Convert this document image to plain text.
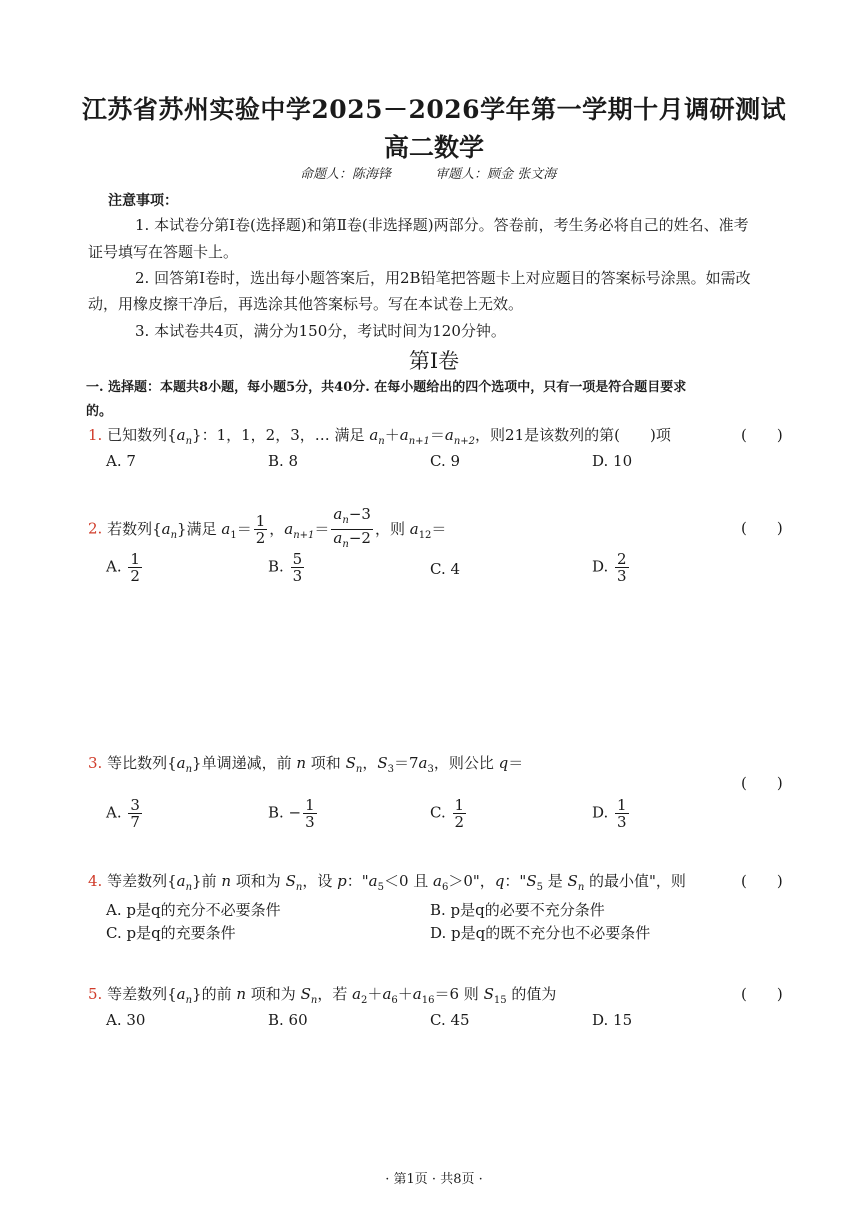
江苏省苏州实验中学2025－2026学年第一学期十月调研测试
高二数学
命题人：陈海锋	审题人：顾金 张文海
注意事项：
1. 本试卷分第Ⅰ卷(选择题)和第Ⅱ卷(非选择题)两部分。答卷前，考生务必将自己的姓名、准考
证号填写在答题卡上。
2. 回答第Ⅰ卷时，选出每小题答案后，用2B铅笔把答题卡上对应题目的答案标号涂黑。如需改
动，用橡皮擦干净后，再选涂其他答案标号。写在本试卷上无效。
3. 本试卷共4页，满分为150分，考试时间为120分钟。
第Ⅰ卷
一. 选择题：本题共8小题，每小题5分，共40分. 在每小题给出的四个选项中，只有一项是符合题目要求
的。
1. 已知数列$\{a_n\}$：1，1，2，3，… 满足 $a_n+a_{n+1}=a_{n+2}$，则21是该数列的第(　　)项	(　　)
A. 7	B. 8	C. 9	D. 10
2. 若数列$\{a_n\}$满足 $a_1= \frac{1}{2}$ ，$a_{n+1}= \frac{a_n-3}{a_n-2}$ ，则 $a_{12}=$	(　　)
A. $\frac{1}{2}$	B. $\frac{5}{3}$	C. 4	D. $\frac{2}{3}$
3. 等比数列$\{a_n\}$单调递减，前 n 项和 $S_n$，$S_3=7a_3$，则公比 q＝
(　　)
A. $\frac{3}{7}$	B. − $\frac{1}{3}$	C. $\frac{1}{2}$	D. $\frac{1}{3}$
4. 等差数列$\{a_n\}$前 n 项和为 $S_n$，设 p："$a_5<0$ 且 $a_6>0$"，q："$S_5$ 是 $S_n$ 的最小值"，则	(　　)
A. p是q的充分不必要条件	B. p是q的必要不充分条件
C. p是q的充要条件	D. p是q的既不充分也不必要条件
5. 等差数列$\{a_n\}$的前 n 项和为 $S_n$，若 $a_2+a_6+a_{16}=6$ 则 $S_{15}$ 的值为	(　　)
A. 30	B. 60	C. 45	D. 15
· 第1页 · 共8页 ·
